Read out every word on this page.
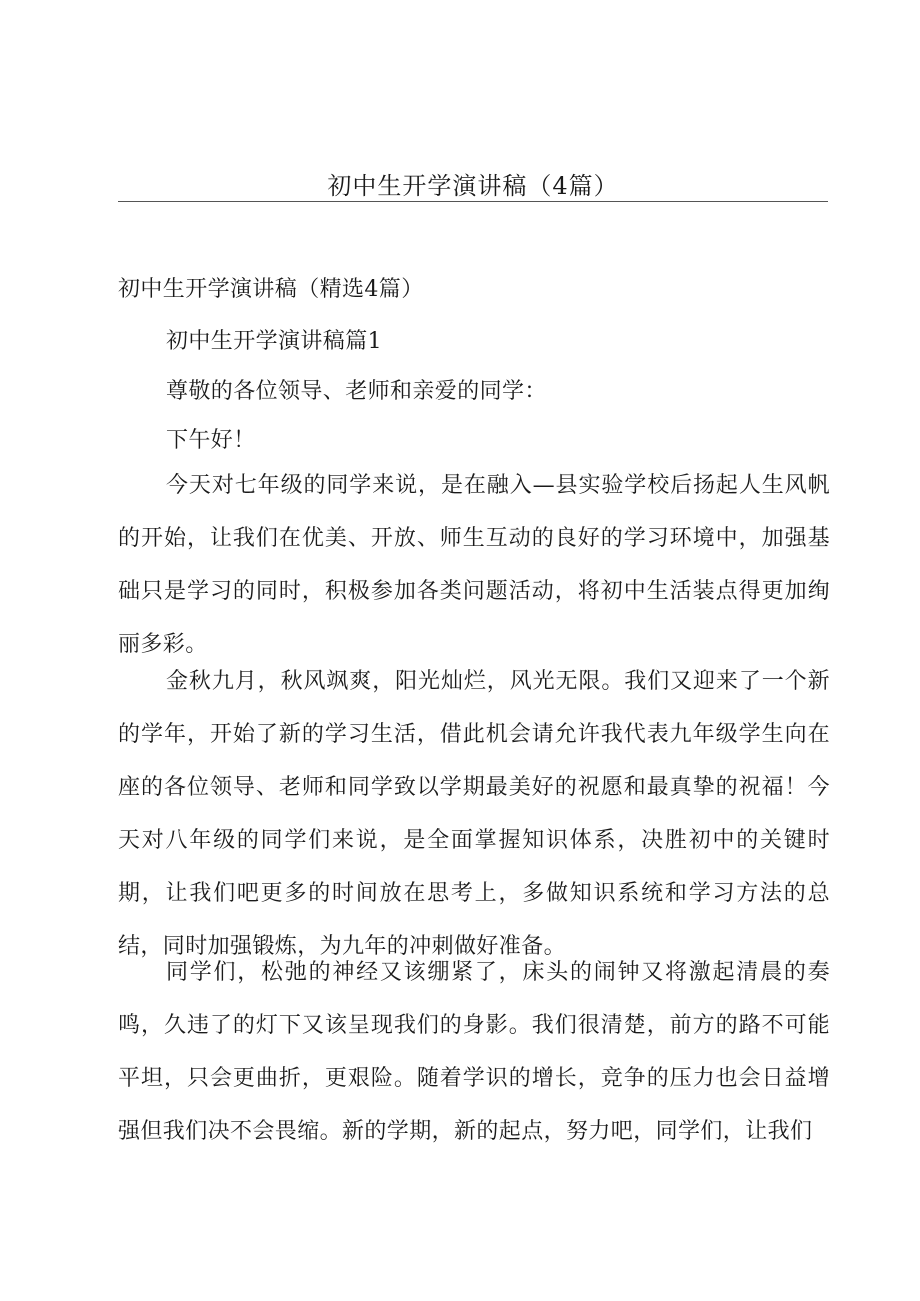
初中生开学演讲稿（4篇）
初中生开学演讲稿（精选4篇）
初中生开学演讲稿篇1
尊敬的各位领导、老师和亲爱的同学：
下午好！
今天对七年级的同学来说，是在融入—县实验学校后扬起人生风帆的开始，让我们在优美、开放、师生互动的良好的学习环境中，加强基础只是学习的同时，积极参加各类问题活动，将初中生活装点得更加绚丽多彩。
金秋九月，秋风飒爽，阳光灿烂，风光无限。我们又迎来了一个新的学年，开始了新的学习生活，借此机会请允许我代表九年级学生向在座的各位领导、老师和同学致以学期最美好的祝愿和最真挚的祝福！今天对八年级的同学们来说，是全面掌握知识体系，决胜初中的关键时期，让我们吧更多的时间放在思考上，多做知识系统和学习方法的总结，同时加强锻炼，为九年的冲刺做好准备。
同学们，松弛的神经又该绷紧了，床头的闹钟又将激起清晨的奏鸣，久违了的灯下又该呈现我们的身影。我们很清楚，前方的路不可能平坦，只会更曲折，更艰险。随着学识的增长，竞争的压力也会日益增强但我们决不会畏缩。新的学期，新的起点，努力吧，同学们，让我们
